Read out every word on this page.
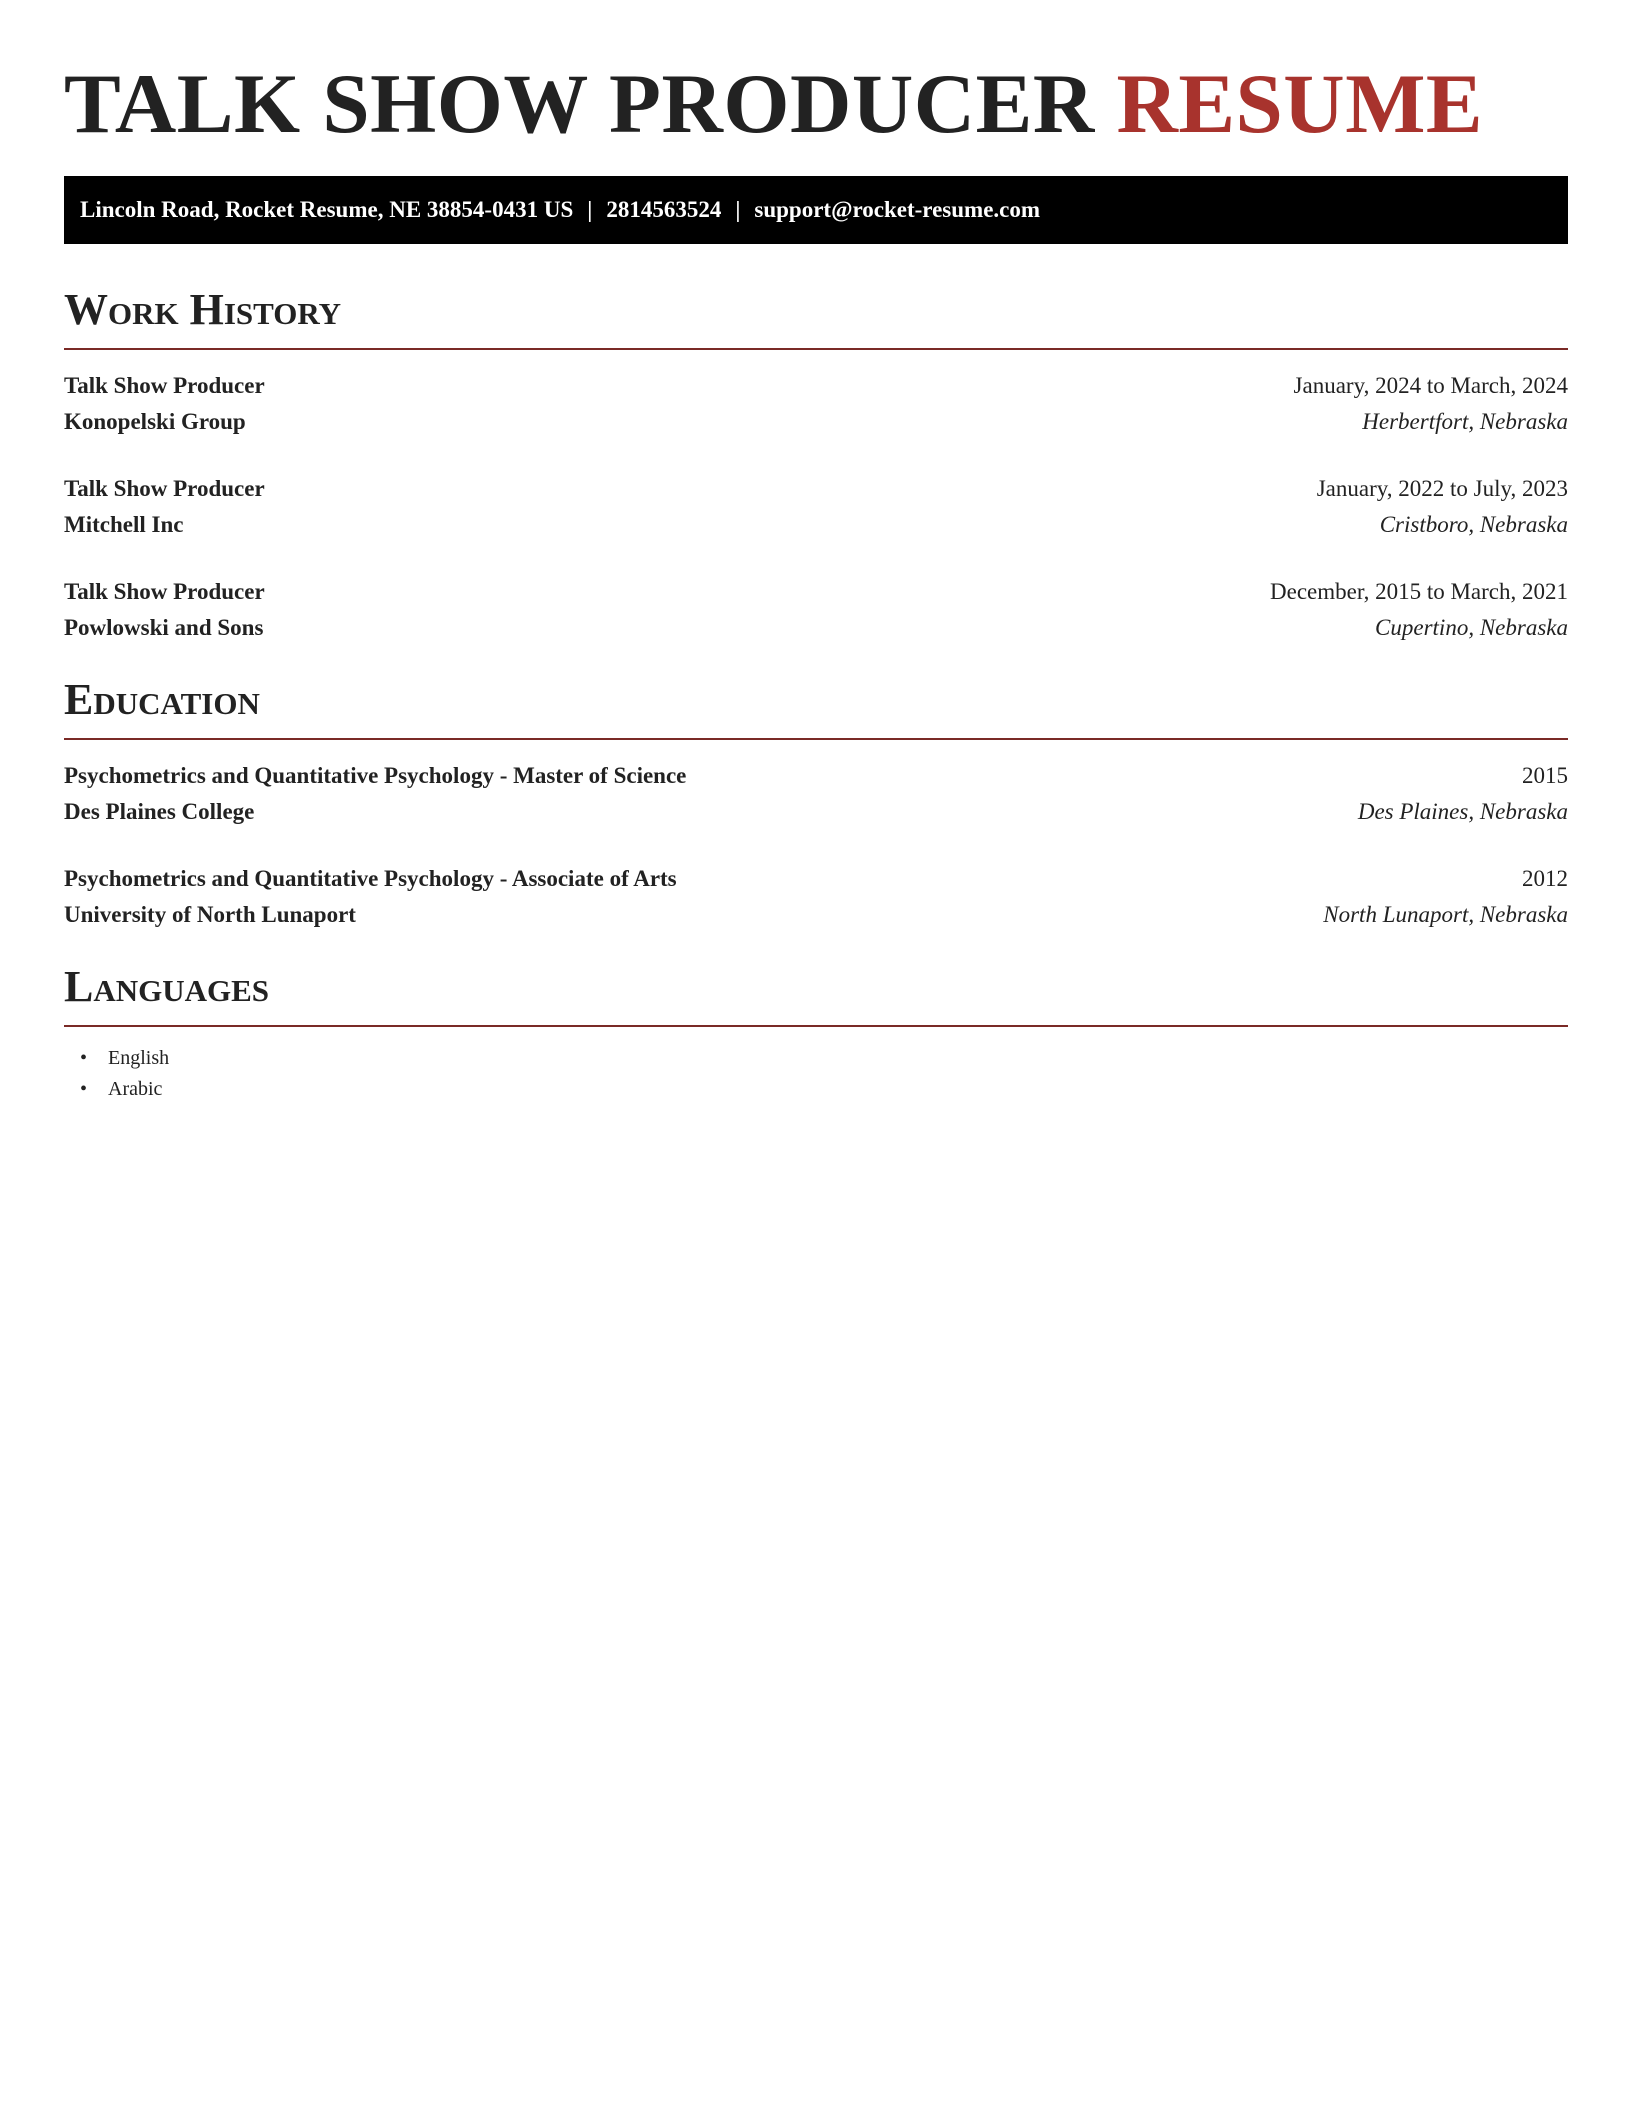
TALK SHOW PRODUCER RESUME
Lincoln Road, Rocket Resume, NE 38854-0431 US | 2814563524 | support@rocket-resume.com
Work History
Talk Show Producer	January, 2024 to March, 2024
Konopelski Group	Herbertfort, Nebraska
Talk Show Producer	January, 2022 to July, 2023
Mitchell Inc	Cristboro, Nebraska
Talk Show Producer	December, 2015 to March, 2021
Powlowski and Sons	Cupertino, Nebraska
Education
Psychometrics and Quantitative Psychology - Master of Science	2015
Des Plaines College	Des Plaines, Nebraska
Psychometrics and Quantitative Psychology - Associate of Arts	2012
University of North Lunaport	North Lunaport, Nebraska
Languages
• English
• Arabic
